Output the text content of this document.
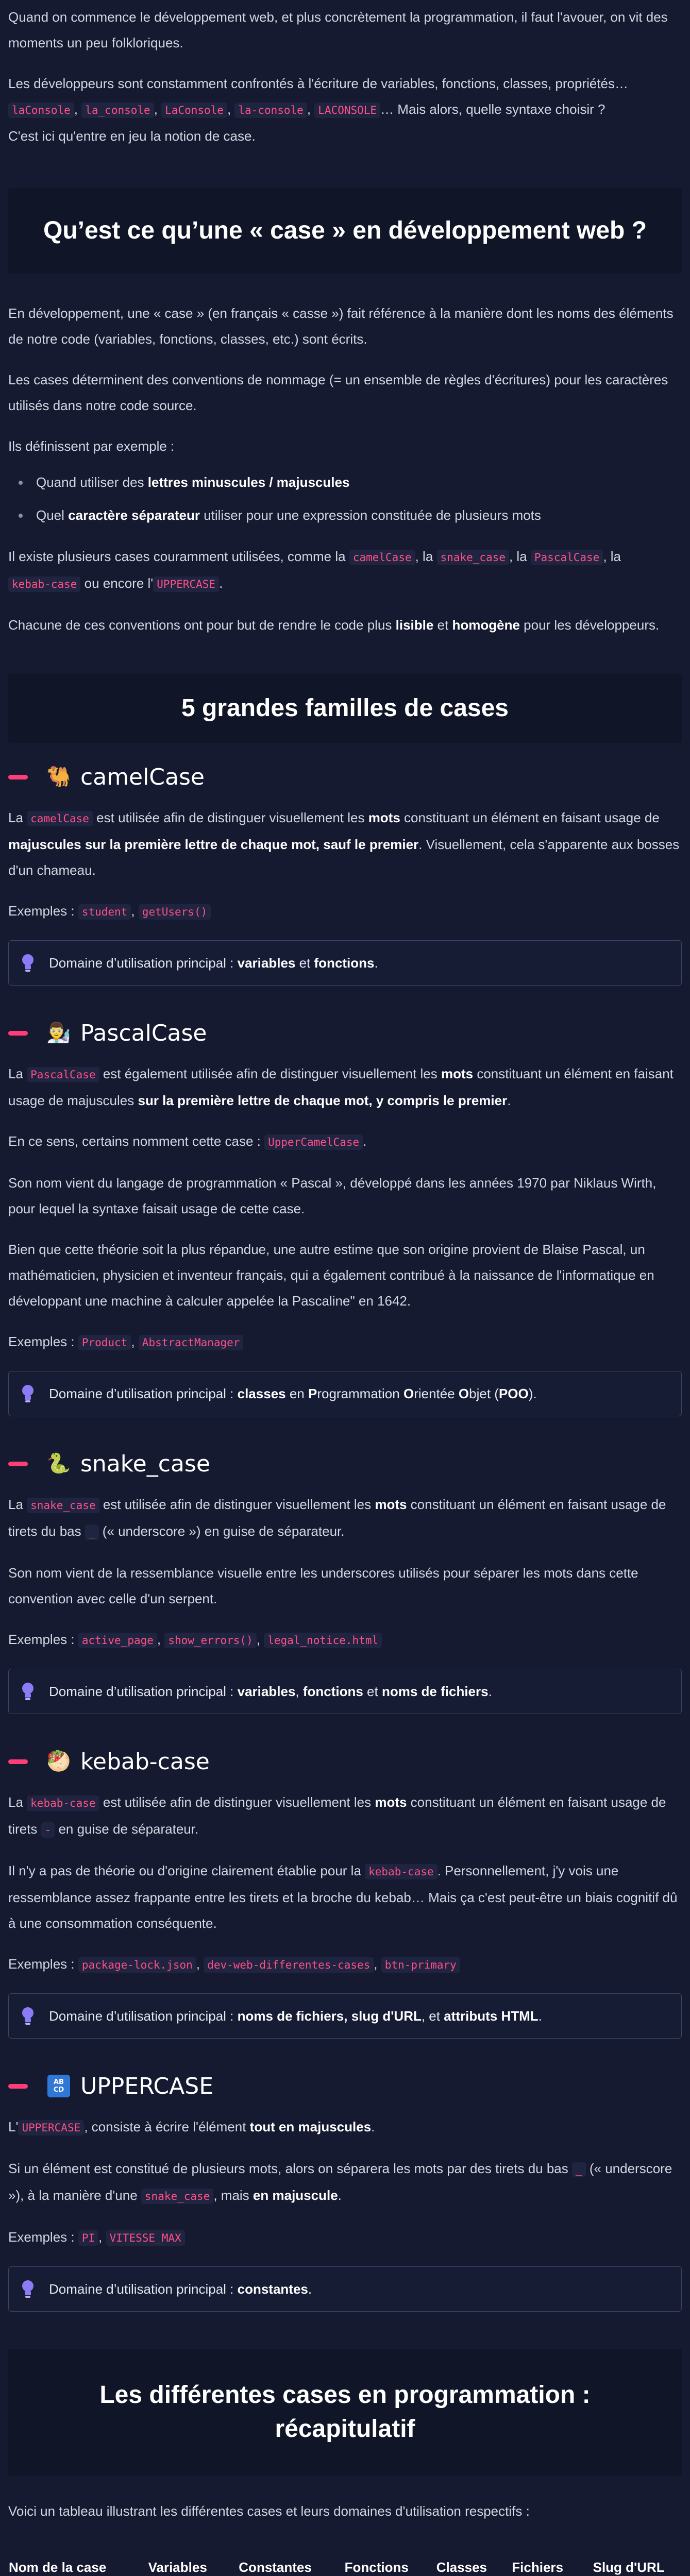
Quand on commence le développement web, et plus concrètement la programmation, il faut l'avouer, on vit des moments un peu folkloriques.

Les développeurs sont constamment confrontés à l'écriture de variables, fonctions, classes, propriétés…
laConsole , la_console , LaConsole , la-console , LACONSOLE … Mais alors, quelle syntaxe choisir ?
C'est ici qu'entre en jeu la notion de case.

Qu’est ce qu’une « case » en développement web ?

En développement, une « case » (en français « casse ») fait référence à la manière dont les noms des éléments de notre code (variables, fonctions, classes, etc.) sont écrits.

Les cases déterminent des conventions de nommage (= un ensemble de règles d'écritures) pour les caractères utilisés dans notre code source.

Ils définissent par exemple :

Quand utiliser des lettres minuscules / majuscules
Quel caractère séparateur utiliser pour une expression constituée de plusieurs mots

Il existe plusieurs cases couramment utilisées, comme la camelCase , la snake_case , la PascalCase , la
kebab-case ou encore l' UPPERCASE .

Chacune de ces conventions ont pour but de rendre le code plus lisible et homogène pour les développeurs.

5 grandes familles de cases
🐫 camelCase

La camelCase est utilisée afin de distinguer visuellement les mots constituant un élément en faisant usage de majuscules sur la première lettre de chaque mot, sauf le premier. Visuellement, cela s'apparente aux bosses d'un chameau.

Exemples : student , getUsers()

Domaine d’utilisation principal : variables et fonctions.
👨‍🔬 PascalCase

La PascalCase est également utilisée afin de distinguer visuellement les mots constituant un élément en faisant usage de majuscules sur la première lettre de chaque mot, y compris le premier.

En ce sens, certains nomment cette case : UpperCamelCase .

Son nom vient du langage de programmation « Pascal », développé dans les années 1970 par Niklaus Wirth, pour lequel la syntaxe faisait usage de cette case.

Bien que cette théorie soit la plus répandue, une autre estime que son origine provient de Blaise Pascal, un mathématicien, physicien et inventeur français, qui a également contribué à la naissance de l'informatique en développant une machine à calculer appelée la Pascaline" en 1642.

Exemples : Product , AbstractManager

Domaine d’utilisation principal : classes en Programmation Orientée Objet (POO).
🐍 snake_case

La snake_case est utilisée afin de distinguer visuellement les mots constituant un élément en faisant usage de tirets du bas _ (« underscore ») en guise de séparateur.

Son nom vient de la ressemblance visuelle entre les underscores utilisés pour séparer les mots dans cette convention avec celle d'un serpent.

Exemples : active_page , show_errors() , legal_notice.html

Domaine d’utilisation principal : variables, fonctions et noms de fichiers.
🥙 kebab-case

La kebab-case est utilisée afin de distinguer visuellement les mots constituant un élément en faisant usage de tirets - en guise de séparateur.

Il n'y a pas de théorie ou d'origine clairement établie pour la kebab-case . Personnellement, j'y vois une ressemblance assez frappante entre les tirets et la broche du kebab… Mais ça c'est peut-être un biais cognitif dû à une consommation conséquente.

Exemples : package-lock.json , dev-web-differentes-cases , btn-primary

Domaine d’utilisation principal : noms de fichiers, slug d'URL, et attributs HTML.
ABCD UPPERCASE

L' UPPERCASE , consiste à écrire l'élément tout en majuscules.

Si un élément est constitué de plusieurs mots, alors on séparera les mots par des tirets du bas _ (« underscore »), à la manière d'une snake_case , mais en majuscule.

Exemples : PI , VITESSE_MAX

Domaine d’utilisation principal : constantes.
Les différentes cases en programmation :
récapitulatif

Voici un tableau illustrant les différentes cases et leurs domaines d'utilisation respectifs :

Nom de la case	Variables	Constantes	Fonctions	Classes	Fichiers	Slug d'URL
